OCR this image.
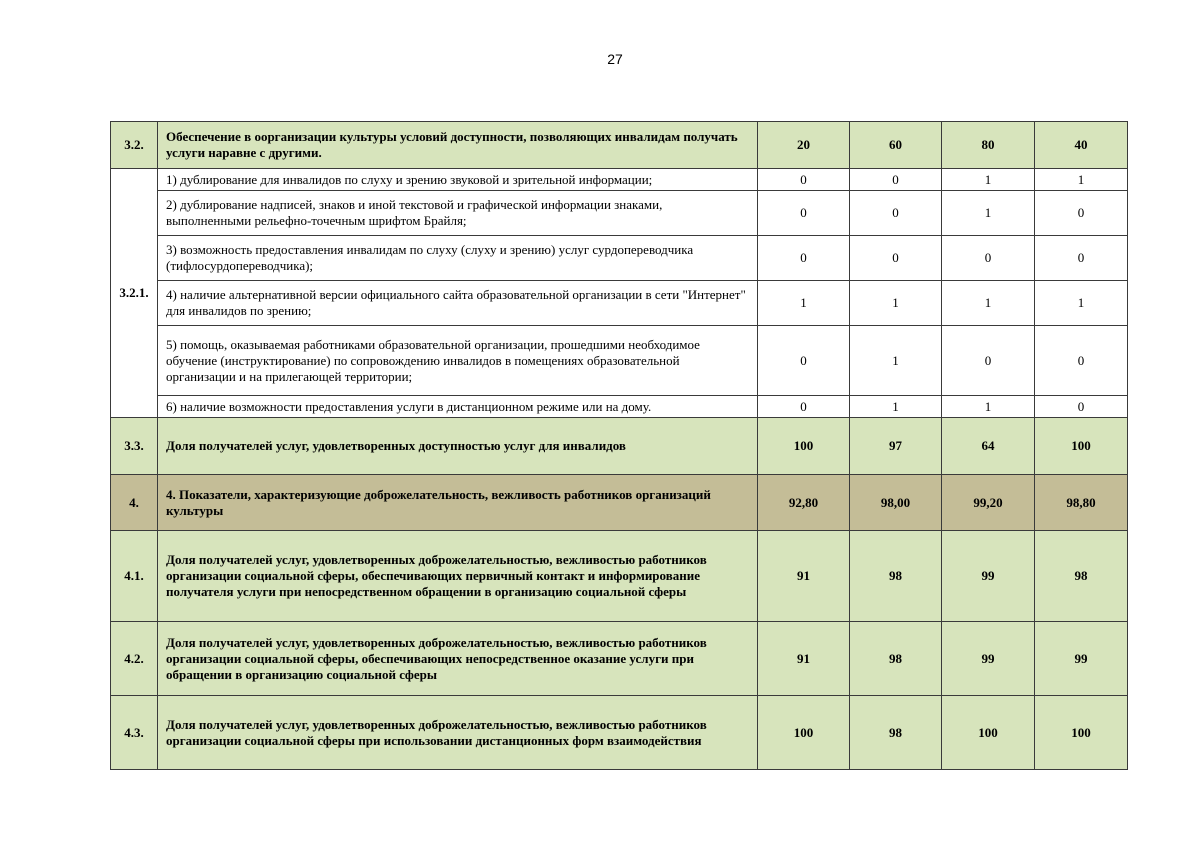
27
3.2.	Обеспечение в оорганизации культуры условий доступности, позволяющих инвалидам получать услуги наравне с другими.	20	60	80	40
3.2.1.	1) дублирование для инвалидов по слуху и зрению звуковой и зрительной информации;	0	0	1	1
	2) дублирование надписей, знаков и иной текстовой и графической информации знаками, выполненными рельефно-точечным шрифтом Брайля;	0	0	1	0
	3) возможность предоставления инвалидам по слуху (слуху и зрению) услуг сурдопереводчика (тифлосурдопереводчика);	0	0	0	0
	4) наличие альтернативной версии официального сайта образовательной организации в сети "Интернет" для инвалидов по зрению;	1	1	1	1
	5) помощь, оказываемая работниками образовательной организации, прошедшими необходимое обучение (инструктирование) по сопровождению инвалидов в помещениях образовательной организации и на прилегающей территории;	0	1	0	0
	6) наличие возможности предоставления услуги в дистанционном режиме или на дому.	0	1	1	0
3.3.	Доля получателей услуг, удовлетворенных доступностью услуг для инвалидов	100	97	64	100
4.	4. Показатели, характеризующие доброжелательность, вежливость работников организаций культуры	92,80	98,00	99,20	98,80
4.1.	Доля получателей услуг, удовлетворенных доброжелательностью, вежливостью работников организации социальной сферы, обеспечивающих первичный контакт и информирование получателя услуги при непосредственном обращении в организацию социальной сферы	91	98	99	98
4.2.	Доля получателей услуг, удовлетворенных доброжелательностью, вежливостью работников организации социальной сферы, обеспечивающих непосредственное оказание услуги при обращении в организацию социальной сферы	91	98	99	99
4.3.	Доля получателей услуг, удовлетворенных доброжелательностью, вежливостью работников организации социальной сферы при использовании дистанционных форм взаимодействия	100	98	100	100
